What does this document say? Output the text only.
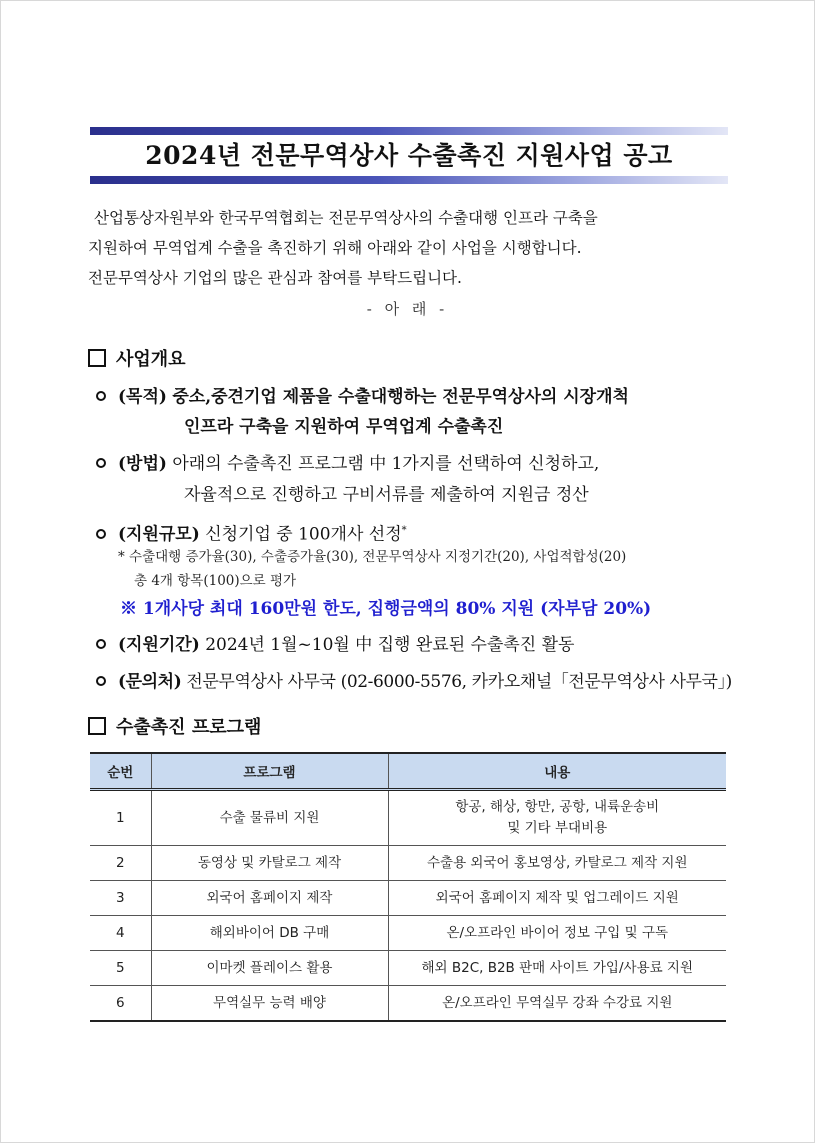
2024년 전문무역상사 수출촉진 지원사업 공고

산업통상자원부와 한국무역협회는 전문무역상사의 수출대행 인프라 구축을

지원하여 무역업계 수출을 촉진하기 위해 아래와 같이 사업을 시행합니다.

전문무역상사 기업의 많은 관심과 참여를 부탁드립니다.

- 아 래 -
사업개요
(목적) 중소,중견기업 제품을 수출대행하는 전문무역상사의 시장개척
인프라 구축을 지원하여 무역업계 수출촉진
(방법) 아래의 수출촉진 프로그램 中 1가지를 선택하여 신청하고,
자율적으로 진행하고 구비서류를 제출하여 지원금 정산
(지원규모) 신청기업 중 100개사 선정*
* 수출대행 증가율(30), 수출증가율(30), 전문무역상사 지정기간(20), 사업적합성(20)
총 4개 항목(100)으로 평가
※ 1개사당 최대 160만원 한도, 집행금액의 80% 지원 (자부담 20%)
(지원기간) 2024년 1월~10월 中 집행 완료된 수출촉진 활동
(문의처) 전문무역상사 사무국 (02-6000-5576, 카카오채널「전문무역상사 사무국」)
수출촉진 프로그램
순번	프로그램	내용
1	수출 물류비 지원	항공, 해상, 항만, 공항, 내륙운송비
및 기타 부대비용

2	동영상 및 카탈로그 제작	수출용 외국어 홍보영상, 카탈로그 제작 지원
3	외국어 홈페이지 제작	외국어 홈페이지 제작 및 업그레이드 지원
4	해외바이어 DB 구매	온/오프라인 바이어 정보 구입 및 구독
5	이마켓 플레이스 활용	해외 B2C, B2B 판매 사이트 가입/사용료 지원
6	무역실무 능력 배양	온/오프라인 무역실무 강좌 수강료 지원
